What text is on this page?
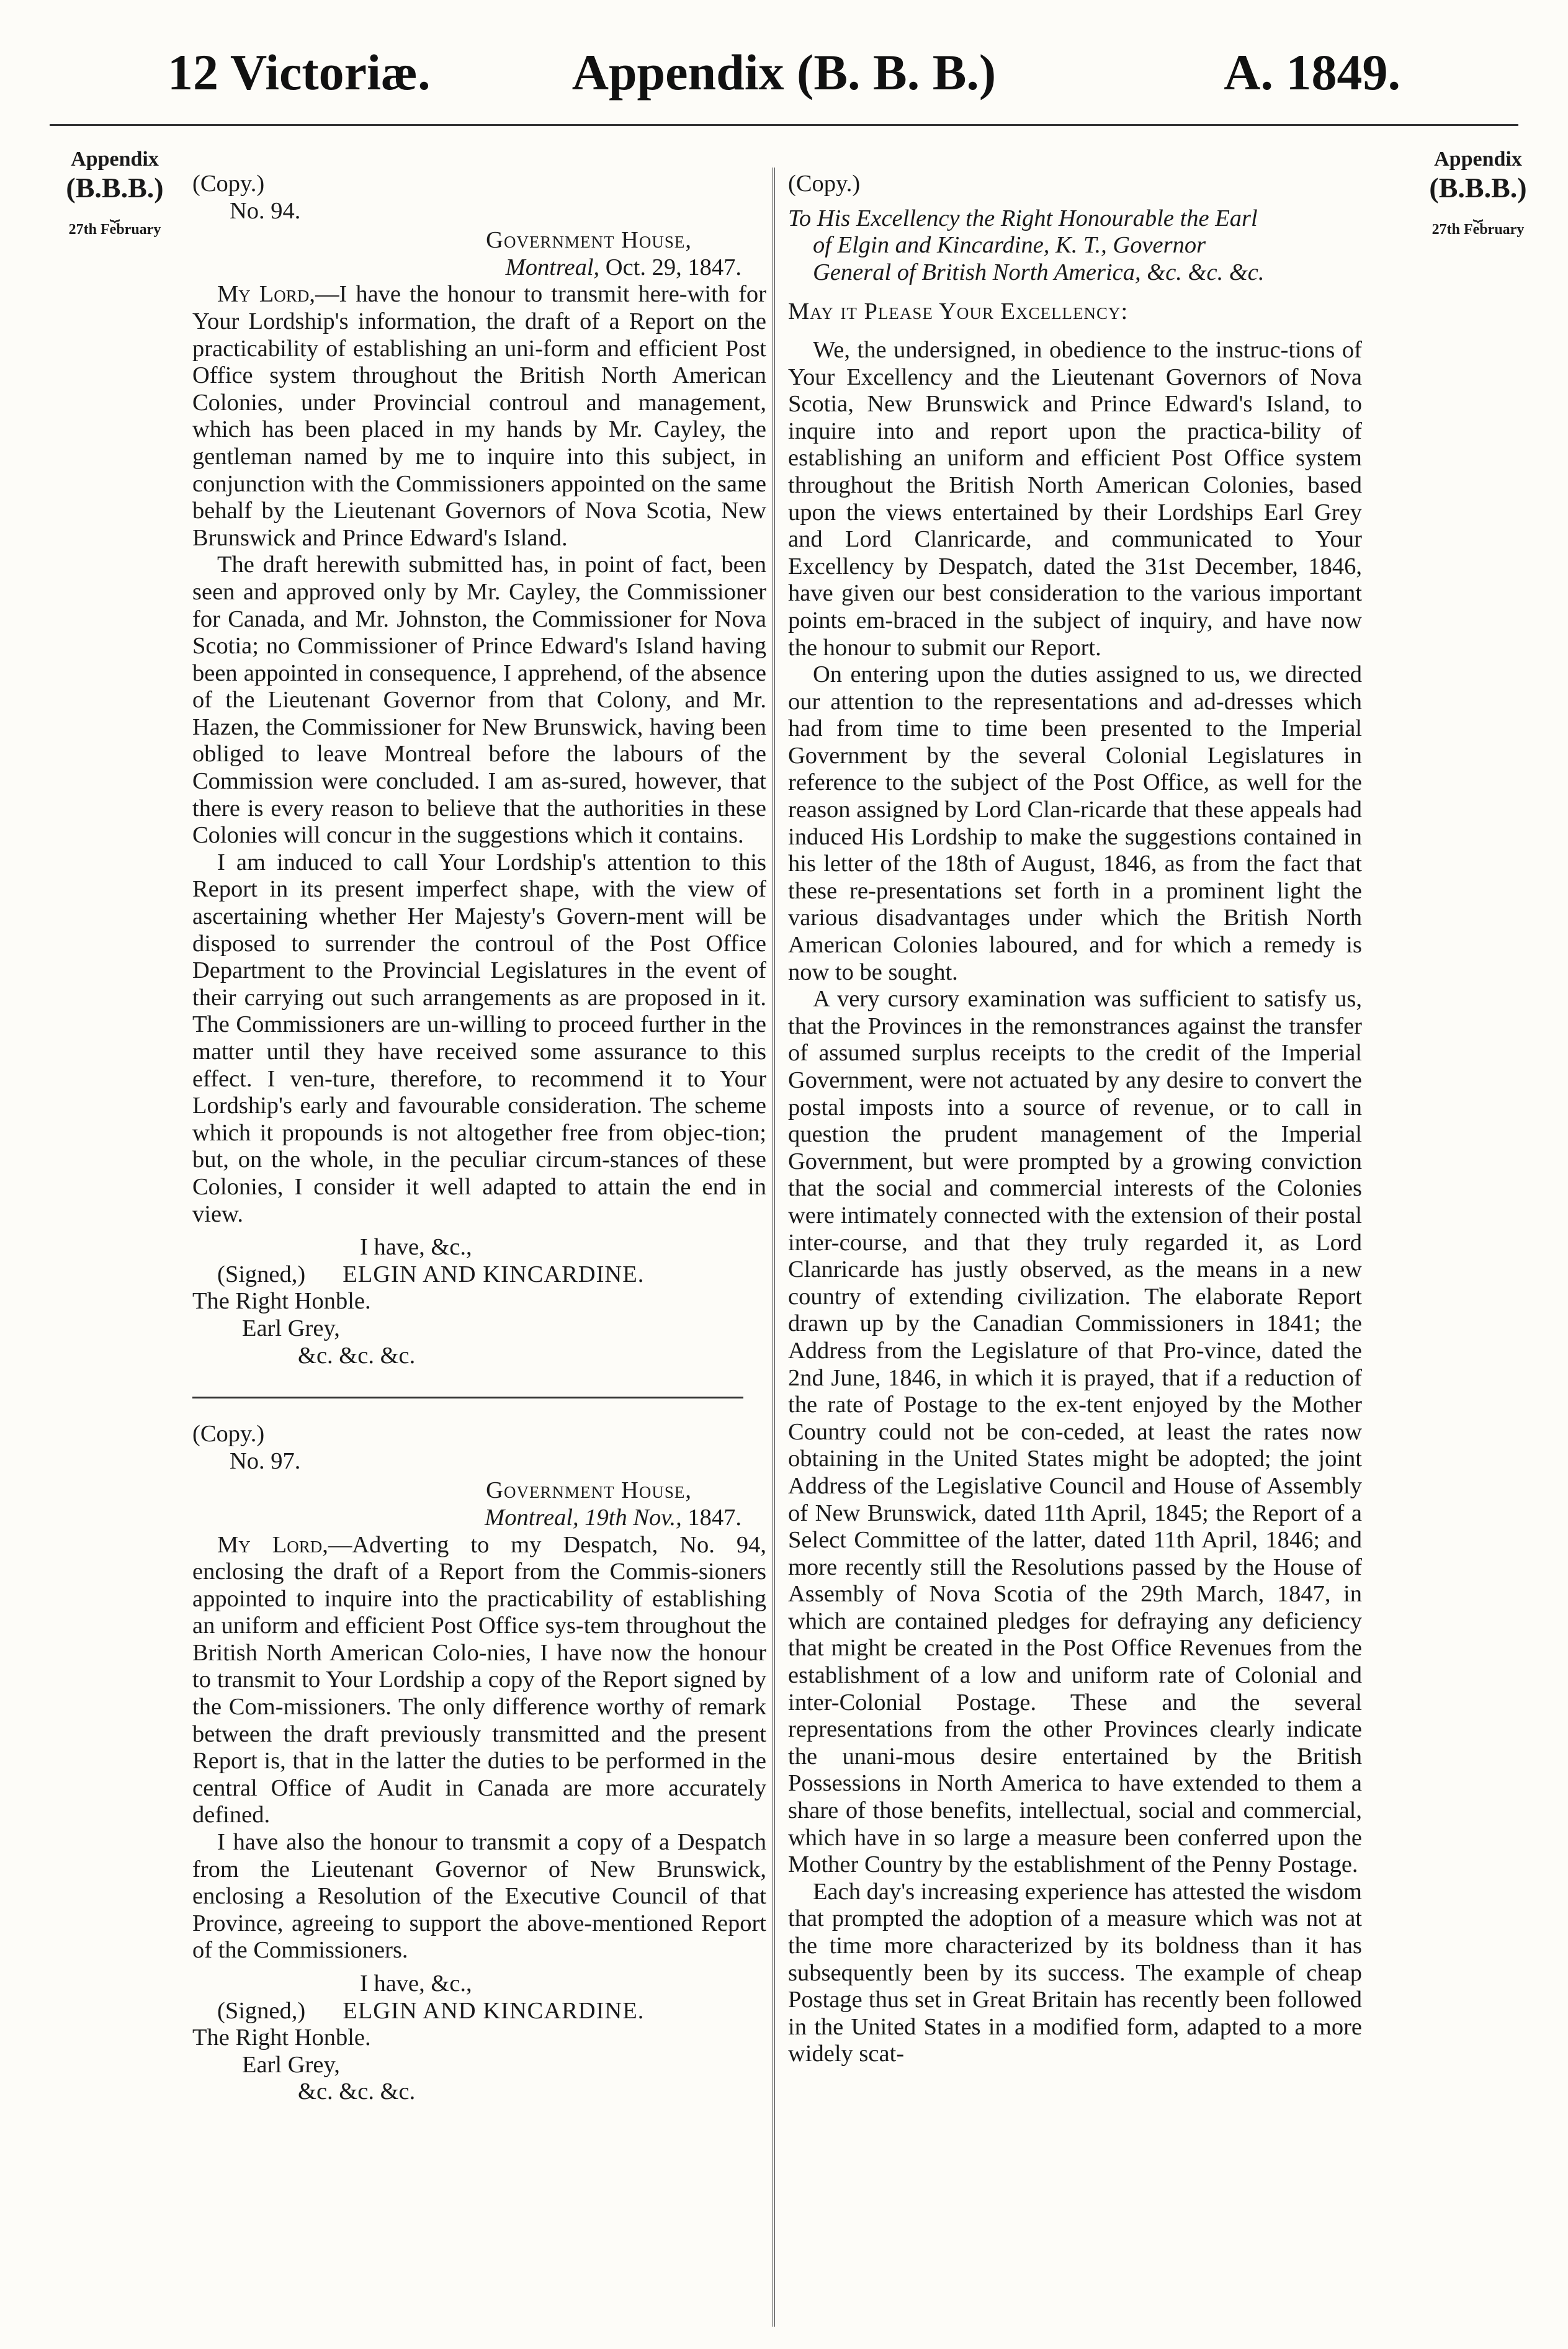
12 Victoriæ.	Appendix (B. B. B.)	A. 1849.
Appendix
(B.B.B.)
⏟
27th February
Appendix
(B.B.B.)
⏟
27th February
(Copy.)
No. 94.
Government House,
Montreal, Oct. 29, 1847.

My Lord,—I have the honour to transmit here-with for Your Lordship's information, the draft of a Report on the practicability of establishing an uni-form and efficient Post Office system throughout the British North American Colonies, under Provincial controul and management, which has been placed in my hands by Mr. Cayley, the gentleman named by me to inquire into this subject, in conjunction with the Commissioners appointed on the same behalf by the Lieutenant Governors of Nova Scotia, New Brunswick and Prince Edward's Island.

The draft herewith submitted has, in point of fact, been seen and approved only by Mr. Cayley, the Commissioner for Canada, and Mr. Johnston, the Commissioner for Nova Scotia; no Commissioner of Prince Edward's Island having been appointed in consequence, I apprehend, of the absence of the Lieutenant Governor from that Colony, and Mr. Hazen, the Commissioner for New Brunswick, having been obliged to leave Montreal before the labours of the Commission were concluded. I am as-sured, however, that there is every reason to believe that the authorities in these Colonies will concur in the suggestions which it contains.

I am induced to call Your Lordship's attention to this Report in its present imperfect shape, with the view of ascertaining whether Her Majesty's Govern-ment will be disposed to surrender the controul of the Post Office Department to the Provincial Legislatures in the event of their carrying out such arrangements as are proposed in it. The Commissioners are un-willing to proceed further in the matter until they have received some assurance to this effect. I ven-ture, therefore, to recommend it to Your Lordship's early and favourable consideration. The scheme which it propounds is not altogether free from objec-tion; but, on the whole, in the peculiar circum-stances of these Colonies, I consider it well adapted to attain the end in view.

I have, &c.,
(Signed,) ELGIN AND KINCARDINE.
The Right Honble.
Earl Grey,
&c. &c. &c.
(Copy.)
No. 97.
Government House,
Montreal, 19th Nov., 1847.

My Lord,—Adverting to my Despatch, No. 94, enclosing the draft of a Report from the Commis-sioners appointed to inquire into the practicability of establishing an uniform and efficient Post Office sys-tem throughout the British North American Colo-nies, I have now the honour to transmit to Your Lordship a copy of the Report signed by the Com-missioners. The only difference worthy of remark between the draft previously transmitted and the present Report is, that in the latter the duties to be performed in the central Office of Audit in Canada are more accurately defined.

I have also the honour to transmit a copy of a Despatch from the Lieutenant Governor of New Brunswick, enclosing a Resolution of the Executive Council of that Province, agreeing to support the above-mentioned Report of the Commissioners.

I have, &c.,
(Signed,) ELGIN AND KINCARDINE.
The Right Honble.
Earl Grey,
&c. &c. &c.
(Copy.)
To His Excellency the Right Honourable the Earl
of Elgin and Kincardine, K. T., Governor
General of British North America, &c. &c. &c.
May it Please Your Excellency:

We, the undersigned, in obedience to the instruc-tions of Your Excellency and the Lieutenant Governors of Nova Scotia, New Brunswick and Prince Edward's Island, to inquire into and report upon the practica-bility of establishing an uniform and efficient Post Office system throughout the British North American Colonies, based upon the views entertained by their Lordships Earl Grey and Lord Clanricarde, and communicated to Your Excellency by Despatch, dated the 31st December, 1846, have given our best consideration to the various important points em-braced in the subject of inquiry, and have now the honour to submit our Report.

On entering upon the duties assigned to us, we directed our attention to the representations and ad-dresses which had from time to time been presented to the Imperial Government by the several Colonial Legislatures in reference to the subject of the Post Office, as well for the reason assigned by Lord Clan-ricarde that these appeals had induced His Lordship to make the suggestions contained in his letter of the 18th of August, 1846, as from the fact that these re-presentations set forth in a prominent light the various disadvantages under which the British North American Colonies laboured, and for which a remedy is now to be sought.

A very cursory examination was sufficient to satisfy us, that the Provinces in the remonstrances against the transfer of assumed surplus receipts to the credit of the Imperial Government, were not actuated by any desire to convert the postal imposts into a source of revenue, or to call in question the prudent management of the Imperial Government, but were prompted by a growing conviction that the social and commercial interests of the Colonies were intimately connected with the extension of their postal inter-course, and that they truly regarded it, as Lord Clanricarde has justly observed, as the means in a new country of extending civilization. The elaborate Report drawn up by the Canadian Commissioners in 1841; the Address from the Legislature of that Pro-vince, dated the 2nd June, 1846, in which it is prayed, that if a reduction of the rate of Postage to the ex-tent enjoyed by the Mother Country could not be con-ceded, at least the rates now obtaining in the United States might be adopted; the joint Address of the Legislative Council and House of Assembly of New Brunswick, dated 11th April, 1845; the Report of a Select Committee of the latter, dated 11th April, 1846; and more recently still the Resolutions passed by the House of Assembly of Nova Scotia of the 29th March, 1847, in which are contained pledges for defraying any deficiency that might be created in the Post Office Revenues from the establishment of a low and uniform rate of Colonial and inter-Colonial Postage. These and the several representations from the other Provinces clearly indicate the unani-mous desire entertained by the British Possessions in North America to have extended to them a share of those benefits, intellectual, social and commercial, which have in so large a measure been conferred upon the Mother Country by the establishment of the Penny Postage.

Each day's increasing experience has attested the wisdom that prompted the adoption of a measure which was not at the time more characterized by its boldness than it has subsequently been by its success. The example of cheap Postage thus set in Great Britain has recently been followed in the United States in a modified form, adapted to a more widely scat-
